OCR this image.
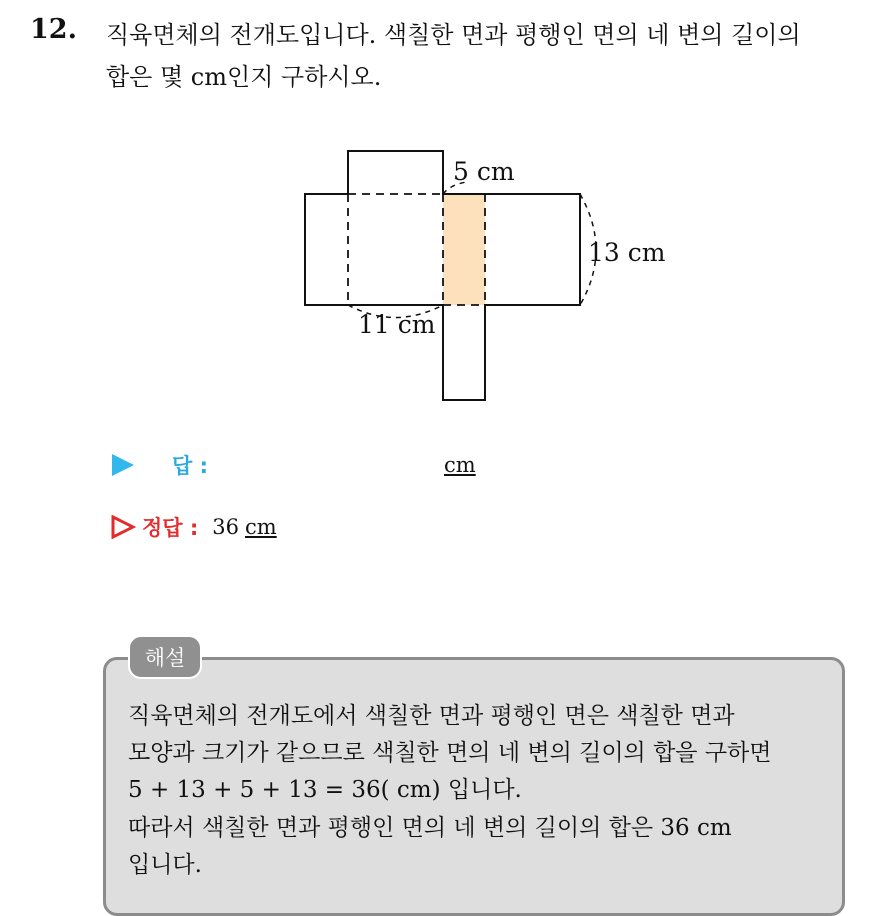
12. 직육면체의 전개도입니다. 색칠한 면과 평행인 면의 네 변의 길이의
합은 몇 cm인지 구하시오.
5 cm
13 cm
11 cm
답 :	cm
정답 : 36 cm
해설
직육면체의 전개도에서 색칠한 면과 평행인 면은 색칠한 면과
모양과 크기가 같으므로 색칠한 면의 네 변의 길이의 합을 구하면
5 + 13 + 5 + 13 = 36( cm) 입니다.
따라서 색칠한 면과 평행인 면의 네 변의 길이의 합은 36 cm
입니다.
